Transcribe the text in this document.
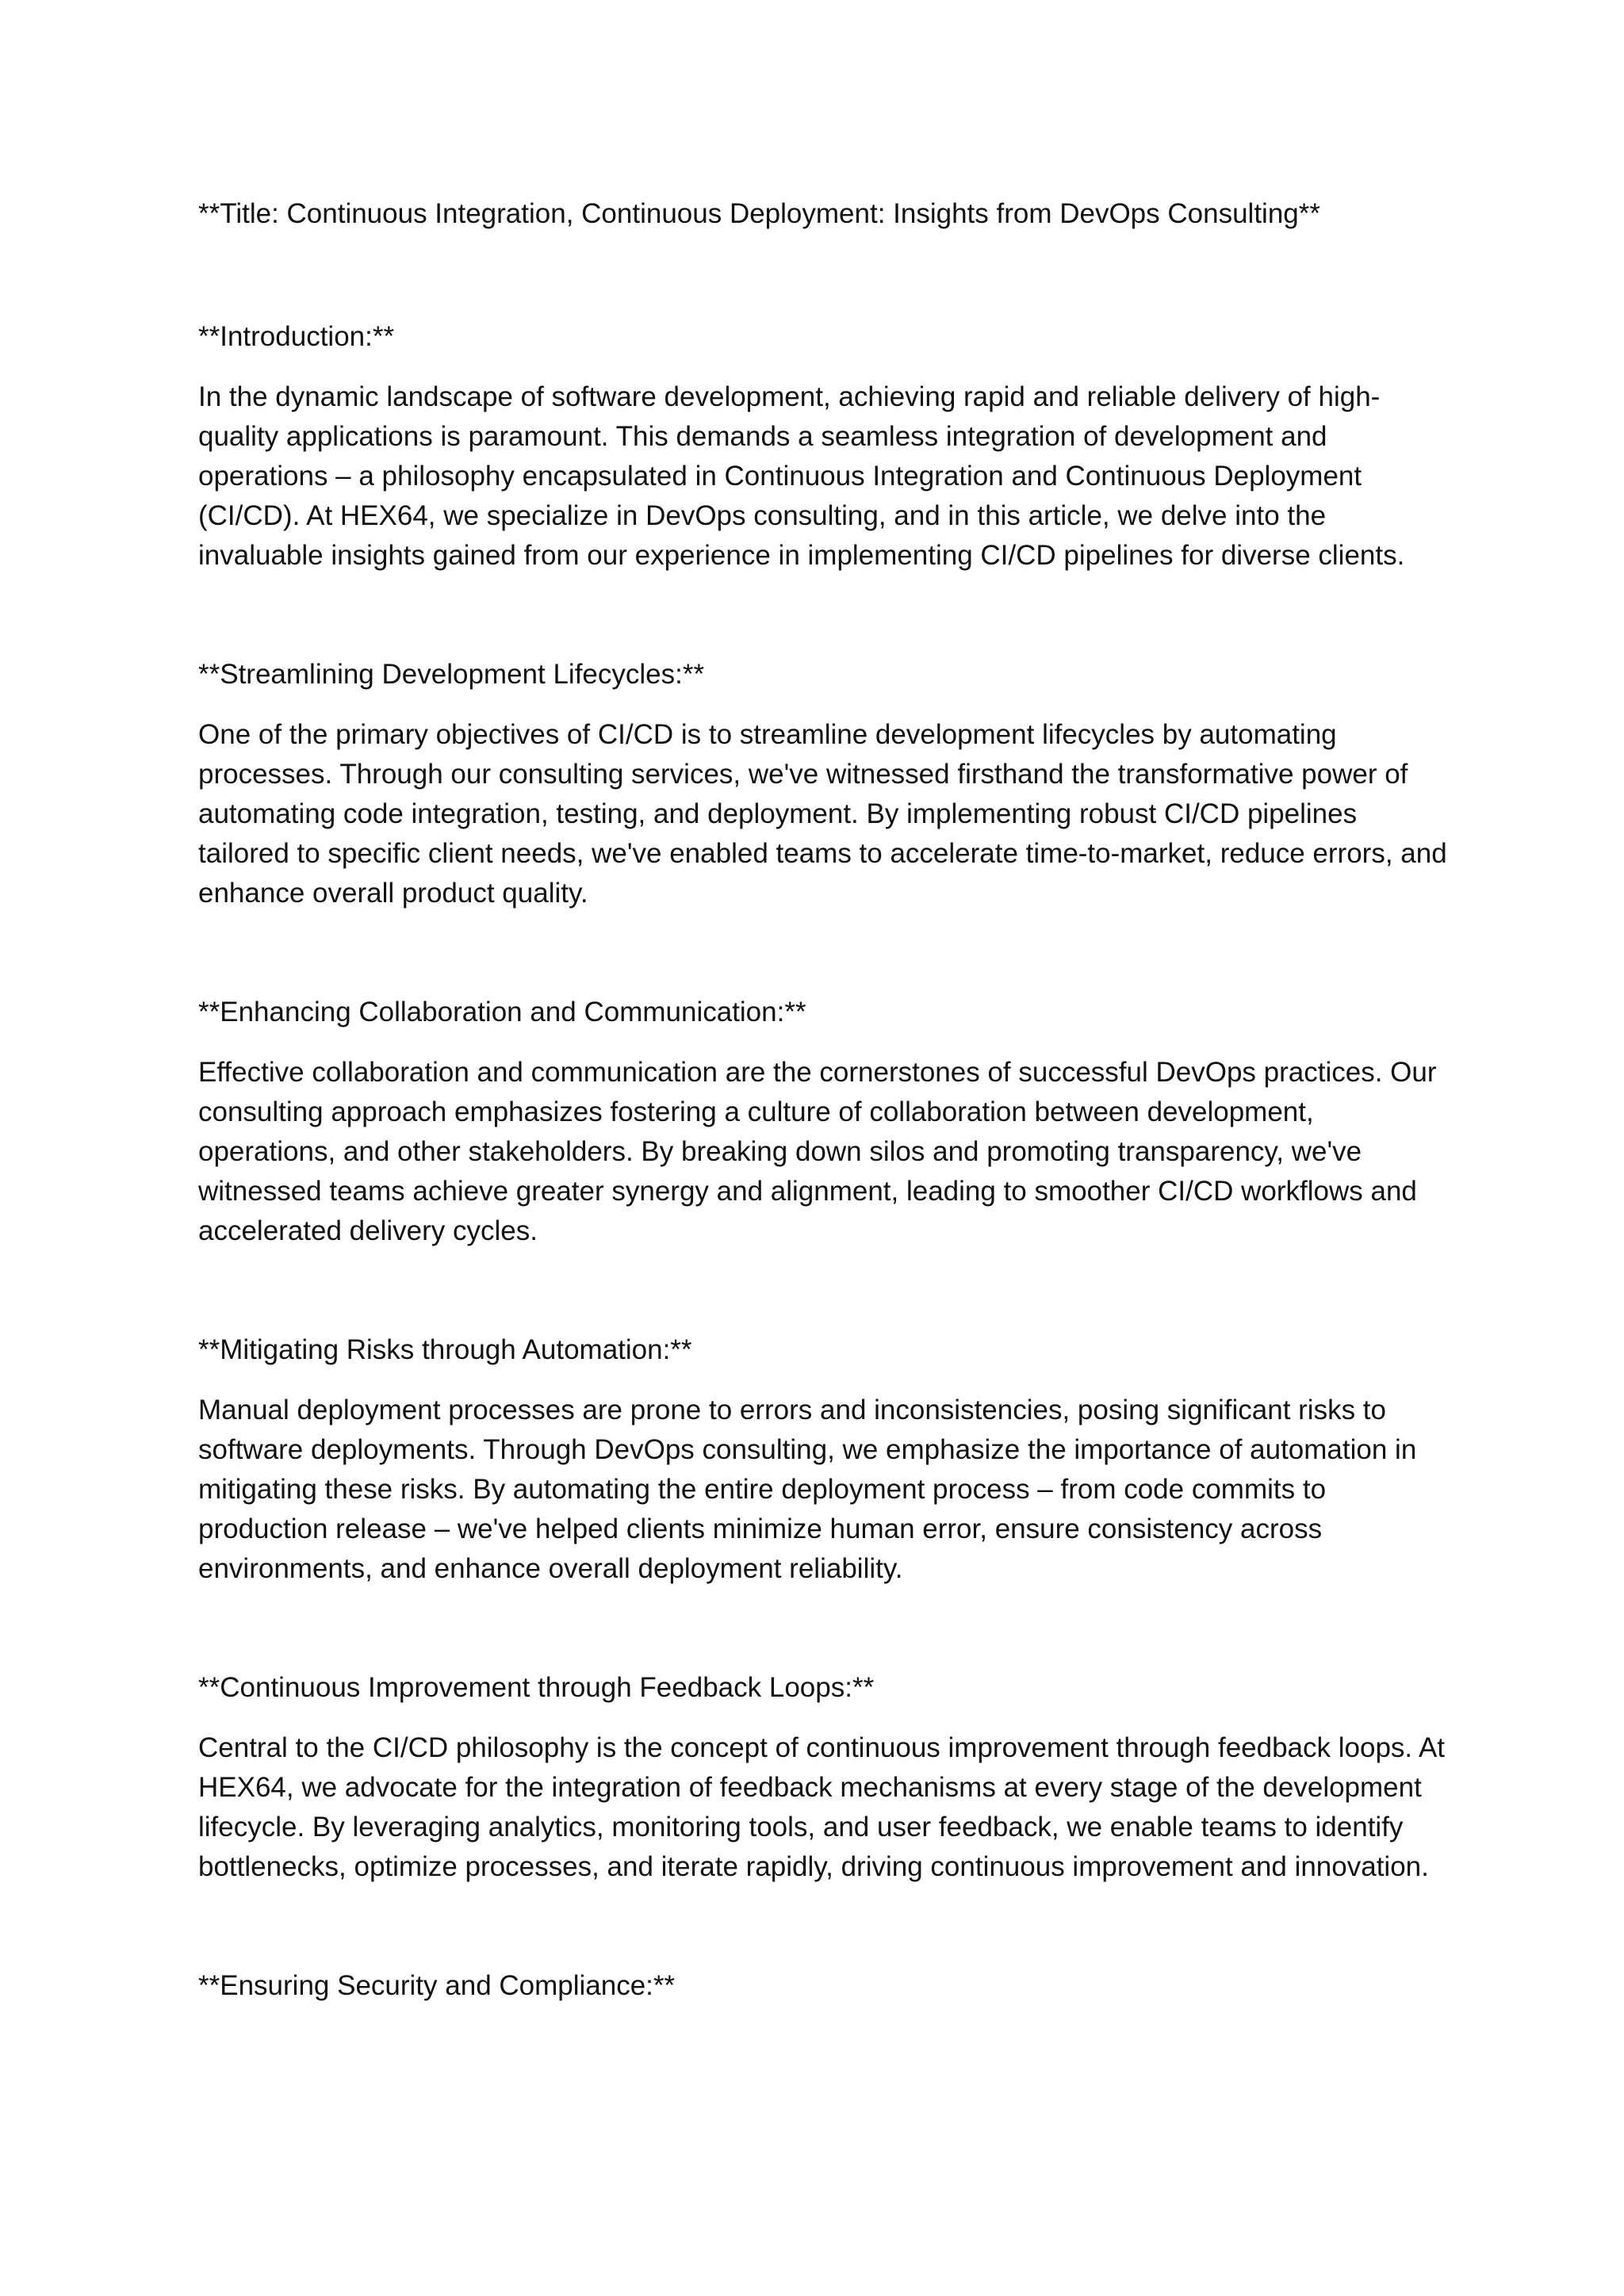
**Title: Continuous Integration, Continuous Deployment: Insights from DevOps Consulting**

**Introduction:**

In the dynamic landscape of software development, achieving rapid and reliable delivery of high-quality applications is paramount. This demands a seamless integration of development and operations – a philosophy encapsulated in Continuous Integration and Continuous Deployment (CI/CD). At HEX64, we specialize in DevOps consulting, and in this article, we delve into the invaluable insights gained from our experience in implementing CI/CD pipelines for diverse clients.

**Streamlining Development Lifecycles:**

One of the primary objectives of CI/CD is to streamline development lifecycles by automating processes. Through our consulting services, we've witnessed firsthand the transformative power of automating code integration, testing, and deployment. By implementing robust CI/CD pipelines tailored to specific client needs, we've enabled teams to accelerate time-to-market, reduce errors, and enhance overall product quality.

**Enhancing Collaboration and Communication:**

Effective collaboration and communication are the cornerstones of successful DevOps practices. Our consulting approach emphasizes fostering a culture of collaboration between development, operations, and other stakeholders. By breaking down silos and promoting transparency, we've witnessed teams achieve greater synergy and alignment, leading to smoother CI/CD workflows and accelerated delivery cycles.

**Mitigating Risks through Automation:**

Manual deployment processes are prone to errors and inconsistencies, posing significant risks to software deployments. Through DevOps consulting, we emphasize the importance of automation in mitigating these risks. By automating the entire deployment process – from code commits to production release – we've helped clients minimize human error, ensure consistency across environments, and enhance overall deployment reliability.

**Continuous Improvement through Feedback Loops:**

Central to the CI/CD philosophy is the concept of continuous improvement through feedback loops. At HEX64, we advocate for the integration of feedback mechanisms at every stage of the development lifecycle. By leveraging analytics, monitoring tools, and user feedback, we enable teams to identify bottlenecks, optimize processes, and iterate rapidly, driving continuous improvement and innovation.

**Ensuring Security and Compliance:**
